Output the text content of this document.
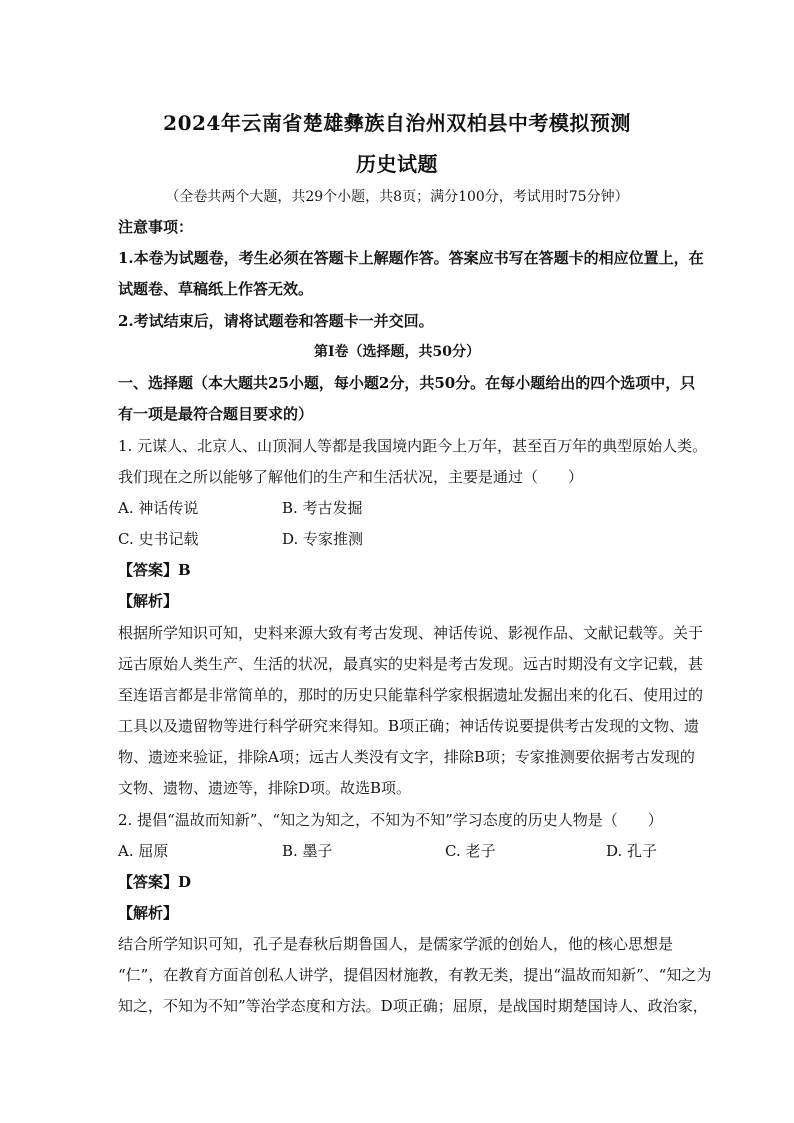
2024年云南省楚雄彝族自治州双柏县中考模拟预测
历史试题
（全卷共两个大题，共29个小题，共8页；满分100分，考试用时75分钟）
注意事项：
1.本卷为试题卷，考生必须在答题卡上解题作答。答案应书写在答题卡的相应位置上，在
试题卷、草稿纸上作答无效。
2.考试结束后，请将试题卷和答题卡一并交回。
第Ⅰ卷（选择题，共50分）
一、选择题（本大题共25小题，每小题2分，共50分。在每小题给出的四个选项中，只
有一项是最符合题目要求的）
1. 元谋人、北京人、山顶洞人等都是我国境内距今上万年，甚至百万年的典型原始人类。
我们现在之所以能够了解他们的生产和生活状况，主要是通过（　　）
A. 神话传说	B. 考古发掘
C. 史书记载	D. 专家推测
【答案】B
【解析】
根据所学知识可知，史料来源大致有考古发现、神话传说、影视作品、文献记载等。关于
远古原始人类生产、生活的状况，最真实的史料是考古发现。远古时期没有文字记载，甚
至连语言都是非常简单的，那时的历史只能靠科学家根据遗址发掘出来的化石、使用过的
工具以及遗留物等进行科学研究来得知。B项正确；神话传说要提供考古发现的文物、遗
物、遗迹来验证，排除A项；远古人类没有文字，排除B项；专家推测要依据考古发现的
文物、遗物、遗迹等，排除D项。故选B项。
2. 提倡“温故而知新”、“知之为知之，不知为不知”学习态度的历史人物是（　　）
A. 屈原	B. 墨子	C. 老子	D. 孔子
【答案】D
【解析】
结合所学知识可知，孔子是春秋后期鲁国人，是儒家学派的创始人，他的核心思想是
“仁”，在教育方面首创私人讲学，提倡因材施教，有教无类，提出“温故而知新”、“知之为
知之，不知为不知”等治学态度和方法。D项正确；屈原，是战国时期楚国诗人、政治家，
